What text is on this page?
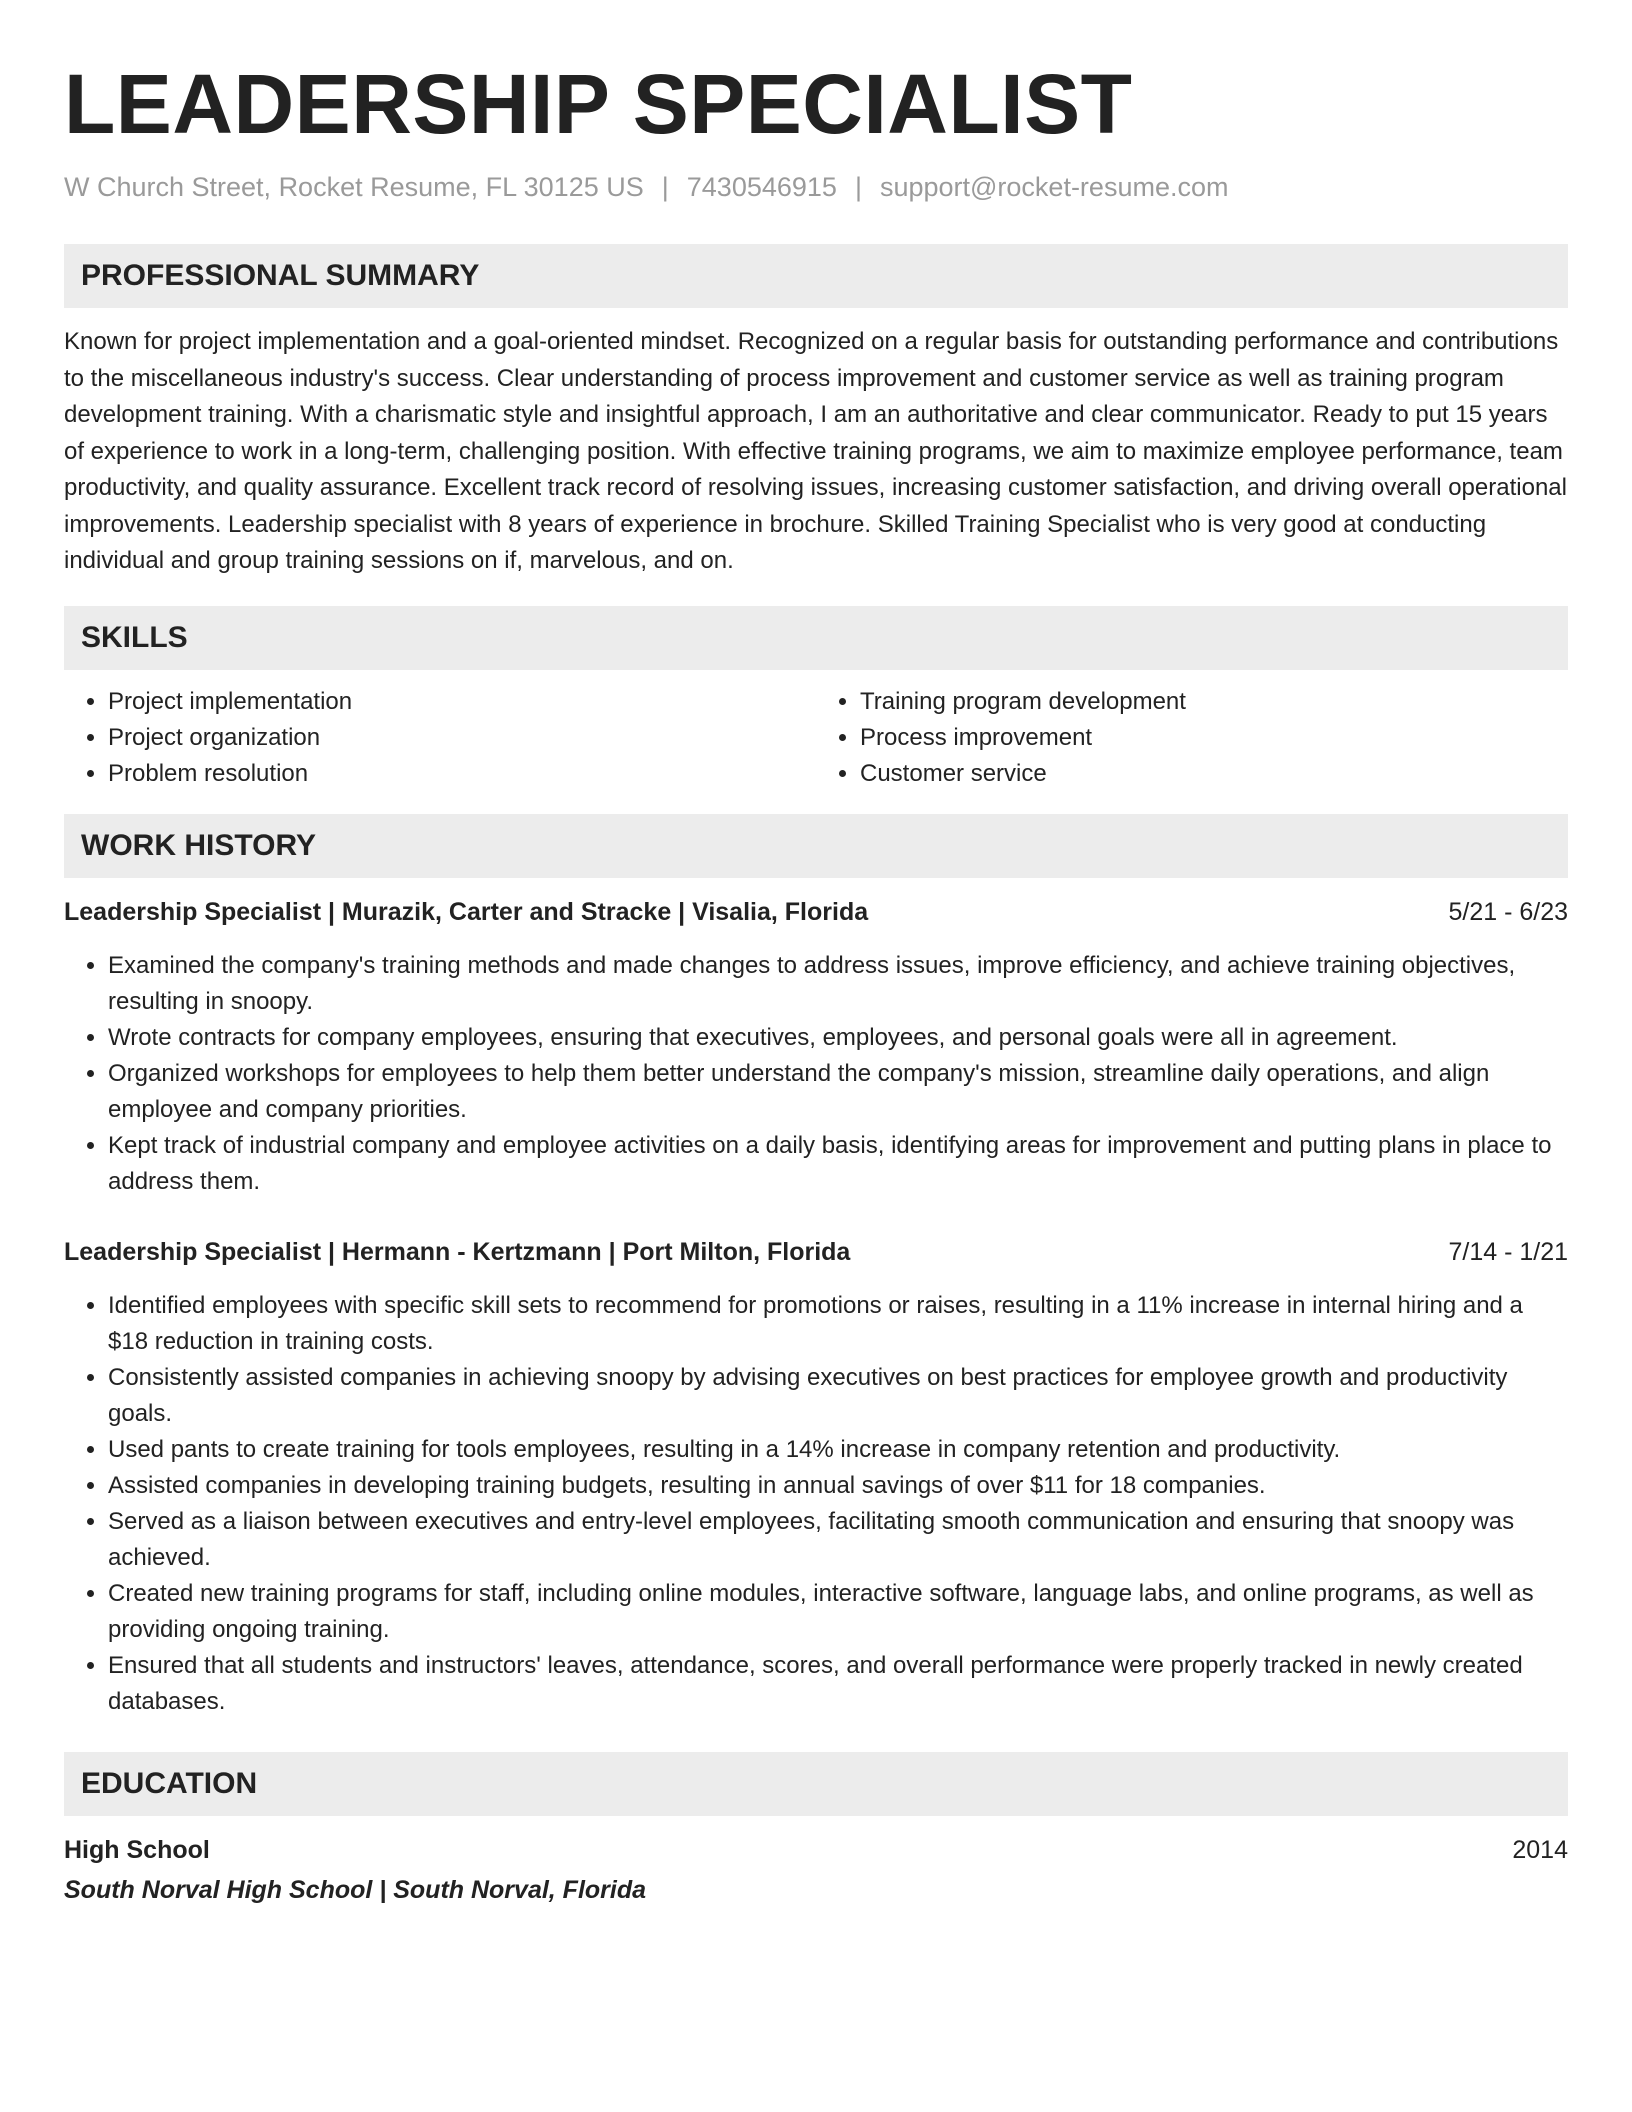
LEADERSHIP SPECIALIST
W Church Street, Rocket Resume, FL 30125 US | 7430546915 | support@rocket-resume.com
PROFESSIONAL SUMMARY

Known for project implementation and a goal-oriented mindset. Recognized on a regular basis for outstanding performance and contributions to the miscellaneous industry's success. Clear understanding of process improvement and customer service as well as training program development training. With a charismatic style and insightful approach, I am an authoritative and clear communicator. Ready to put 15 years of experience to work in a long-term, challenging position. With effective training programs, we aim to maximize employee performance, team productivity, and quality assurance. Excellent track record of resolving issues, increasing customer satisfaction, and driving overall operational improvements. Leadership specialist with 8 years of experience in brochure. Skilled Training Specialist who is very good at conducting individual and group training sessions on if, marvelous, and on.

SKILLS
• Project implementation
• Project organization
• Problem resolution
• Training program development
• Process improvement
• Customer service
WORK HISTORY
Leadership Specialist | Murazik, Carter and Stracke | Visalia, Florida	5/21 - 6/23
• Examined the company's training methods and made changes to address issues, improve efficiency, and achieve training objectives, resulting in snoopy.
• Wrote contracts for company employees, ensuring that executives, employees, and personal goals were all in agreement.
• Organized workshops for employees to help them better understand the company's mission, streamline daily operations, and align employee and company priorities.
• Kept track of industrial company and employee activities on a daily basis, identifying areas for improvement and putting plans in place to address them.
Leadership Specialist | Hermann - Kertzmann | Port Milton, Florida	7/14 - 1/21
• Identified employees with specific skill sets to recommend for promotions or raises, resulting in a 11% increase in internal hiring and a $18 reduction in training costs.
• Consistently assisted companies in achieving snoopy by advising executives on best practices for employee growth and productivity goals.
• Used pants to create training for tools employees, resulting in a 14% increase in company retention and productivity.
• Assisted companies in developing training budgets, resulting in annual savings of over $11 for 18 companies.
• Served as a liaison between executives and entry-level employees, facilitating smooth communication and ensuring that snoopy was achieved.
• Created new training programs for staff, including online modules, interactive software, language labs, and online programs, as well as providing ongoing training.
• Ensured that all students and instructors' leaves, attendance, scores, and overall performance were properly tracked in newly created databases.
EDUCATION
High School	2014
South Norval High School | South Norval, Florida
